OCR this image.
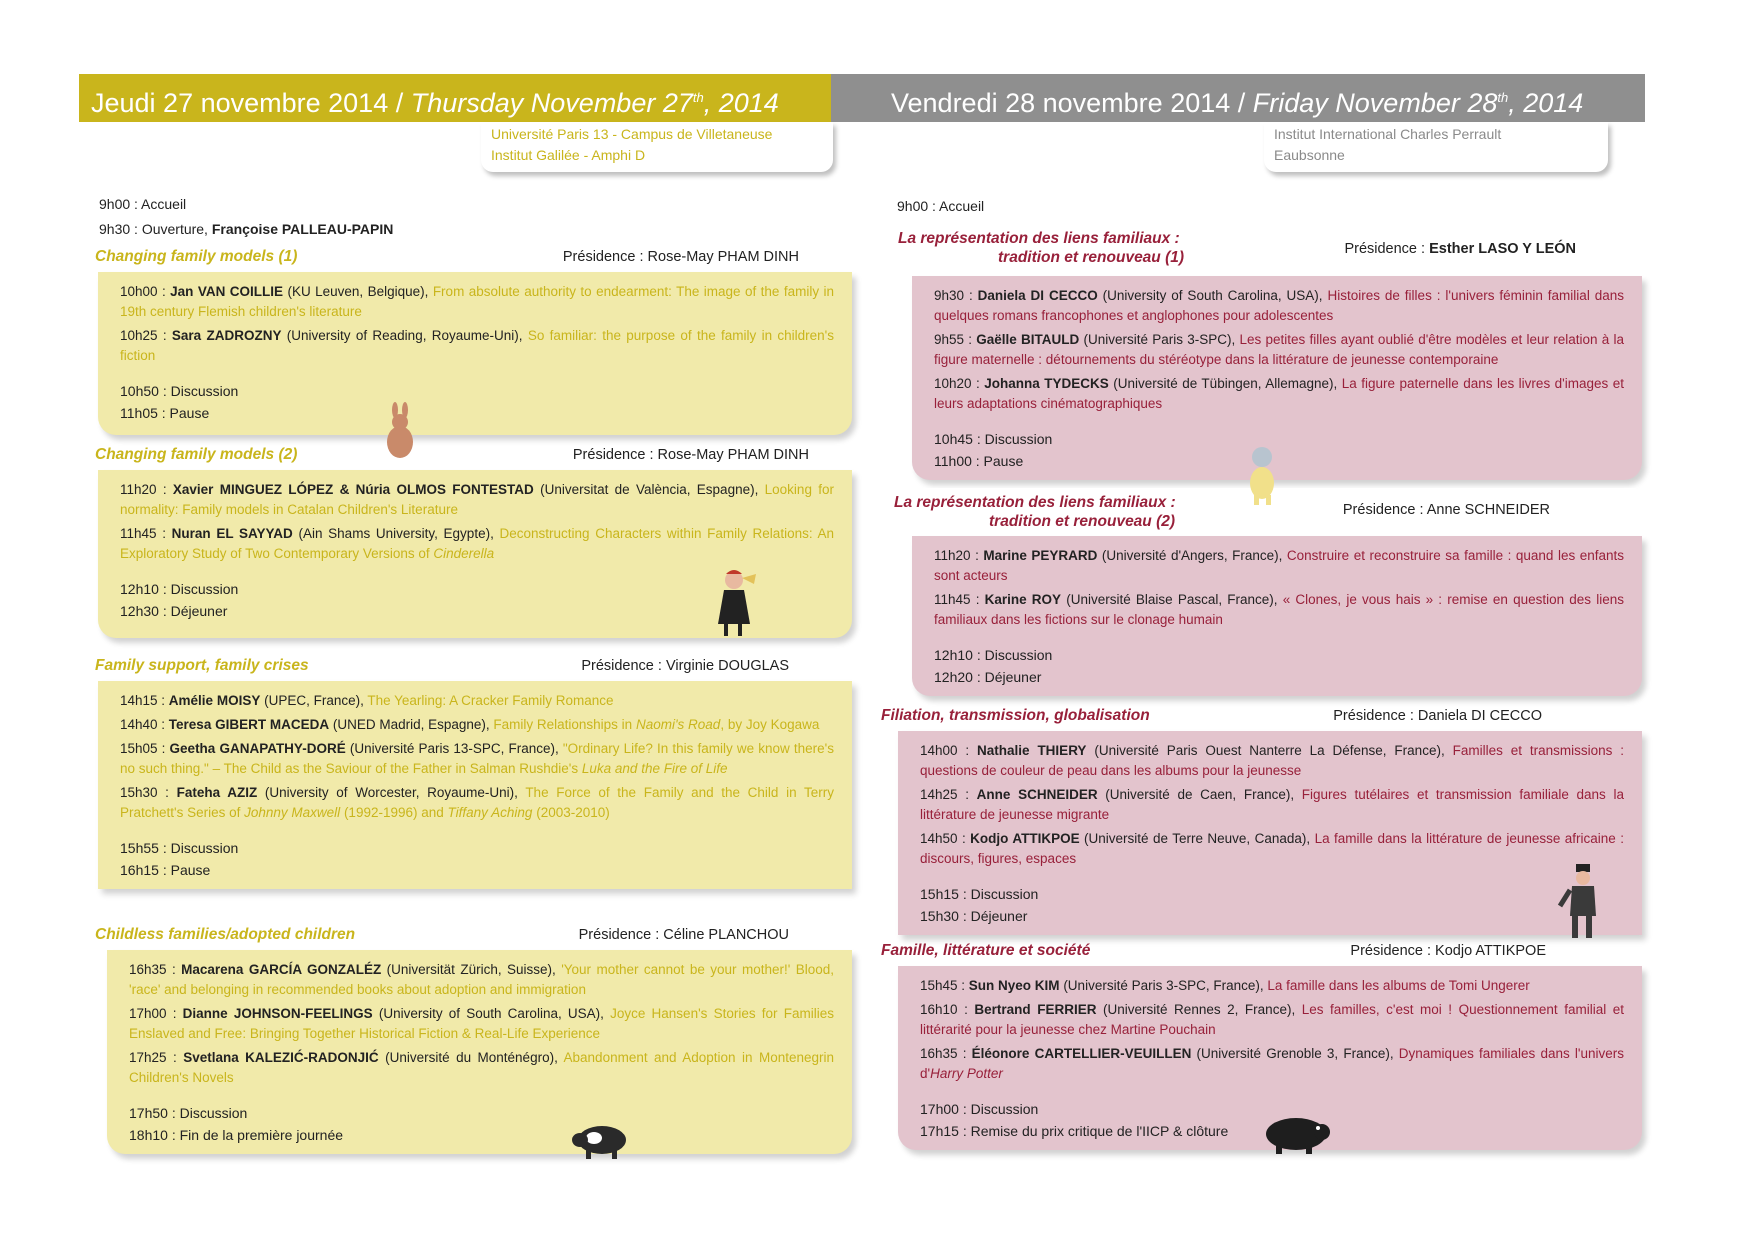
Jeudi 27 novembre 2014 / Thursday November 27th, 2014
Université Paris 13 - Campus de Villetaneuse
Institut Galilée - Amphi D

9h00 : Accueil

9h30 : Ouverture, Françoise PALLEAU-PAPIN

Changing family models (1)	Présidence : Rose-May PHAM DINH

10h00 : Jan VAN COILLIE (KU Leuven, Belgique), From absolute authority to endearment: The image of the family in 19th century Flemish children's literature

10h25 : Sara ZADROZNY (University of Reading, Royaume-Uni), So familiar: the purpose of the family in children's fiction

10h50 : Discussion

11h05 : Pause

Changing family models (2)	Présidence : Rose-May PHAM DINH

11h20 : Xavier MINGUEZ LÓPEZ & Núria OLMOS FONTESTAD (Universitat de València, Espagne), Looking for normality: Family models in Catalan Children's Literature

11h45 : Nuran EL SAYYAD (Ain Shams University, Egypte), Deconstructing Characters within Family Relations: An Exploratory Study of Two Contemporary Versions of Cinderella

12h10 : Discussion

12h30 : Déjeuner

Family support, family crises	Présidence : Virginie DOUGLAS

14h15 : Amélie MOISY (UPEC, France), The Yearling: A Cracker Family Romance

14h40 : Teresa GIBERT MACEDA (UNED Madrid, Espagne), Family Relationships in Naomi's Road, by Joy Kogawa

15h05 : Geetha GANAPATHY-DORÉ (Université Paris 13-SPC, France), "Ordinary Life? In this family we know there's no such thing." – The Child as the Saviour of the Father in Salman Rushdie's Luka and the Fire of Life

15h30 : Fateha AZIZ (University of Worcester, Royaume-Uni), The Force of the Family and the Child in Terry Pratchett's Series of Johnny Maxwell (1992-1996) and Tiffany Aching (2003-2010)

15h55 : Discussion

16h15 : Pause

Childless families/adopted children	Présidence : Céline PLANCHOU

16h35 : Macarena GARCÍA GONZALÉZ (Universität Zürich, Suisse), 'Your mother cannot be your mother!' Blood, 'race' and belonging in recommended books about adoption and immigration

17h00 : Dianne JOHNSON-FEELINGS (University of South Carolina, USA), Joyce Hansen's Stories for Families Enslaved and Free: Bringing Together Historical Fiction & Real-Life Experience

17h25 : Svetlana KALEZIĆ-RADONJIĆ (Université du Monténégro), Abandonment and Adoption in Montenegrin Children's Novels

17h50 : Discussion

18h10 : Fin de la première journée

Vendredi 28 novembre 2014 / Friday November 28th, 2014
Institut International Charles Perrault
Eaubsonne

9h00 : Accueil

La représentation des liens familiaux :
tradition et renouveau (1)	Présidence : Esther LASO Y LEÓN

9h30 : Daniela DI CECCO (University of South Carolina, USA), Histoires de filles : l'univers féminin familial dans quelques romans francophones et anglophones pour adolescentes

9h55 : Gaëlle BITAULD (Université Paris 3-SPC), Les petites filles ayant oublié d'être modèles et leur relation à la figure maternelle : détournements du stéréotype dans la littérature de jeunesse contemporaine

10h20 : Johanna TYDECKS (Université de Tübingen, Allemagne), La figure paternelle dans les livres d'images et leurs adaptations cinématographiques

10h45 : Discussion

11h00 : Pause

La représentation des liens familiaux :
tradition et renouveau (2)
Présidence : Anne SCHNEIDER

11h20 : Marine PEYRARD (Université d'Angers, France), Construire et reconstruire sa famille : quand les enfants sont acteurs

11h45 : Karine ROY (Université Blaise Pascal, France), « Clones, je vous hais » : remise en question des liens familiaux dans les fictions sur le clonage humain

12h10 : Discussion

12h20 : Déjeuner

Filiation, transmission, globalisation	Présidence : Daniela DI CECCO

14h00 : Nathalie THIERY (Université Paris Ouest Nanterre La Défense, France), Familles et transmissions : questions de couleur de peau dans les albums pour la jeunesse

14h25 : Anne SCHNEIDER (Université de Caen, France), Figures tutélaires et transmission familiale dans la littérature de jeunesse migrante

14h50 : Kodjo ATTIKPOE (Université de Terre Neuve, Canada), La famille dans la littérature de jeunesse africaine : discours, figures, espaces

15h15 : Discussion

15h30 : Déjeuner

Famille, littérature et société	Présidence : Kodjo ATTIKPOE

15h45 : Sun Nyeo KIM (Université Paris 3-SPC, France), La famille dans les albums de Tomi Ungerer

16h10 : Bertrand FERRIER (Université Rennes 2, France), Les familles, c'est moi ! Questionnement familial et littérarité pour la jeunesse chez Martine Pouchain

16h35 : Éléonore CARTELLIER-VEUILLEN (Université Grenoble 3, France), Dynamiques familiales dans l'univers d'Harry Potter

17h00 : Discussion

17h15 : Remise du prix critique de l'IICP & clôture
